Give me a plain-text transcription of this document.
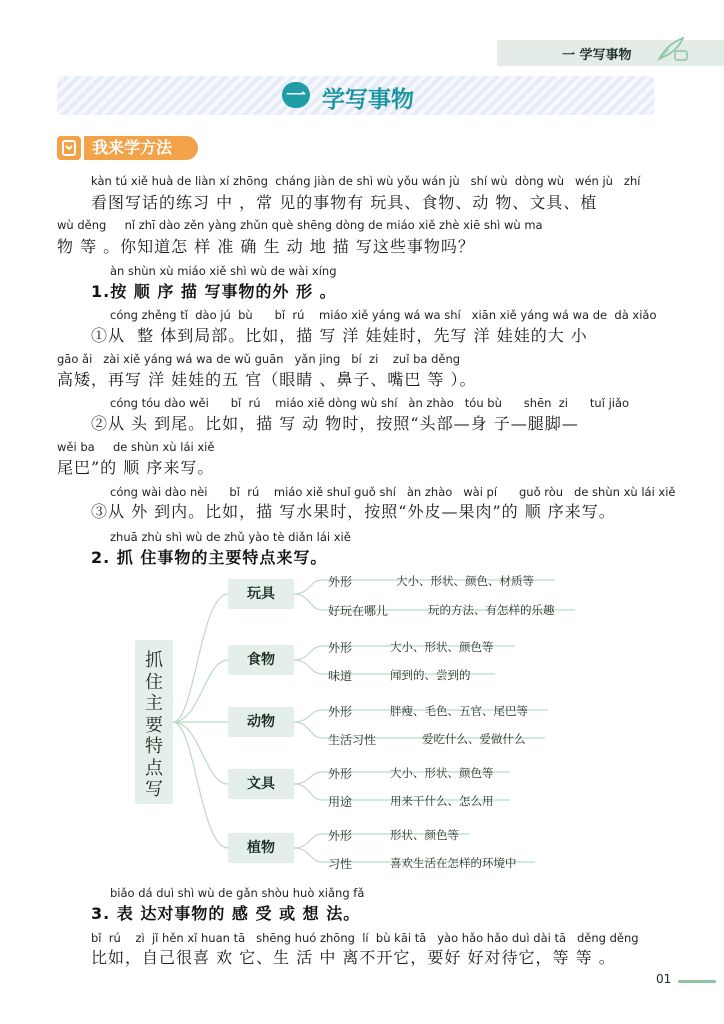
一 学写事物
一 学写事物
我来学方法
kàn tú xiě huà de liàn xí zhōng  cháng jiàn de shì wù yǒu wán jù   shí wù  dòng wù   wén jù   zhí
看图写话的练习 中 ，常 见的事物有 玩具、食物、动 物、文具、植
wù děng     nǐ zhī dào zěn yàng zhǔn què shēng dòng de miáo xiě zhè xiē shì wù ma
物 等 。你知道怎 样 准 确 生 动 地 描 写这些事物吗？
àn shùn xù miáo xiě shì wù de wài xíng
1.按 顺 序 描 写事物的外 形 。
cóng zhěng tǐ  dào jú  bù      bǐ  rú    miáo xiě yáng wá wa shí   xiān xiě yáng wá wa de  dà xiǎo
①从  整 体到局部。比如，描 写 洋 娃娃时，先写 洋 娃娃的大 小
gāo ǎi   zài xiě yáng wá wa de wǔ guān   yǎn jing   bí  zi    zuǐ ba děng
高矮，再写 洋 娃娃的五 官（眼睛 、鼻子、嘴巴 等 ）。
cóng tóu dào wěi      bǐ  rú    miáo xiě dòng wù shí   àn zhào   tóu bù      shēn  zi      tuǐ jiǎo
②从 头 到尾。比如，描 写 动 物时，按照“头部—身 子—腿脚—
wěi ba     de shùn xù lái xiě
尾巴”的 顺 序来写。
cóng wài dào nèi      bǐ  rú    miáo xiě shuǐ guǒ shí   àn zhào   wài pí      guǒ ròu   de shùn xù lái xiě
③从 外 到内。比如，描 写水果时，按照“外皮—果肉”的 顺 序来写。
zhuā zhù shì wù de zhǔ yào tè diǎn lái xiě
2. 抓 住事物的主要特点来写。
抓
住
主
要
特
点
写
玩具
外形	大小、形状、颜色、材质等
好玩在哪儿	玩的方法、有怎样的乐趣
食物
外形	大小、形状、颜色等
味道	闻到的、尝到的
动物
外形	胖瘦、毛色、五官、尾巴等
生活习性	爱吃什么、爱做什么
文具
外形	大小、形状、颜色等
用途	用来干什么、怎么用
植物
外形	形状、颜色等
习性	喜欢生活在怎样的环境中
biǎo dá duì shì wù de gǎn shòu huò xiǎng fǎ
3. 表 达对事物的 感 受 或 想 法。
bǐ  rú    zì  jǐ hěn xǐ huan tā   shēng huó zhōng  lí  bù kāi tā   yào hǎo hǎo duì dài tā   děng děng
比如，自己很喜 欢 它、生 活 中 离不开它，要好 好对待它，等 等 。
01
